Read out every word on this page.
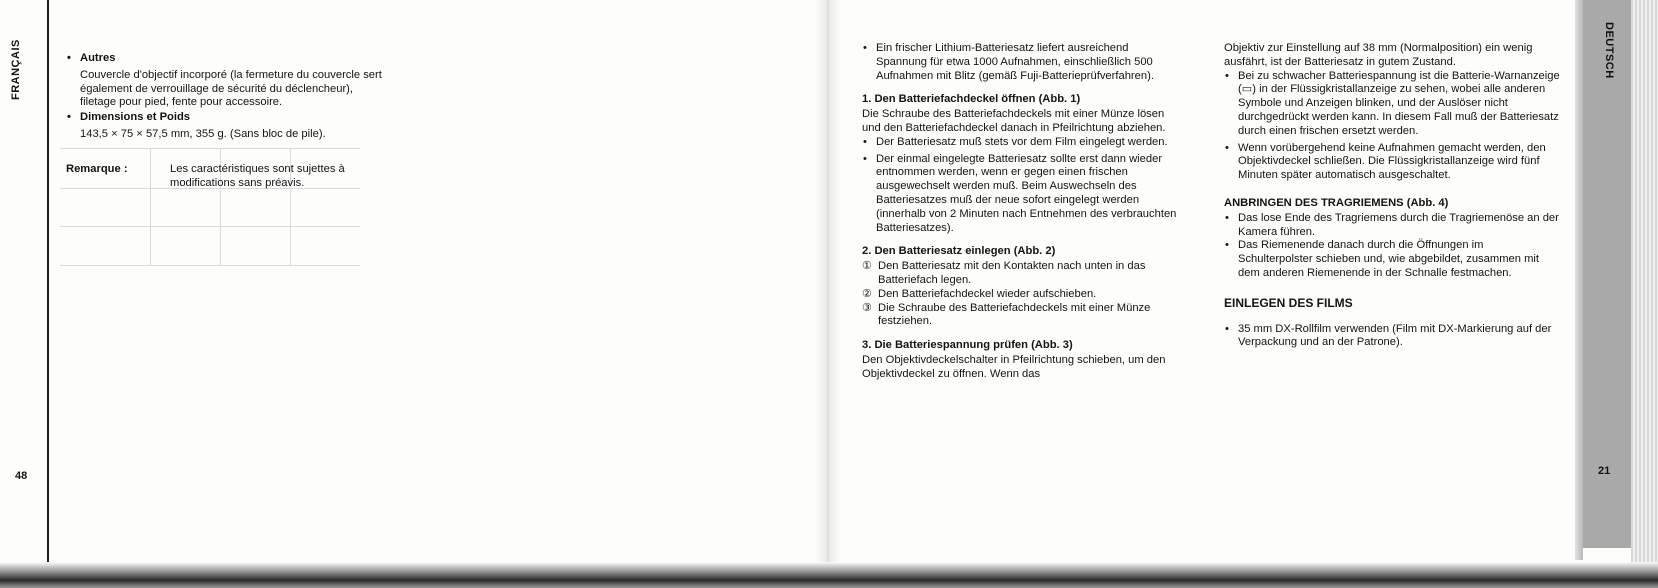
FRANÇAIS	DEUTSCH
48	21

• Autres

Couvercle d'objectif incorporé (la fermeture du couvercle sert également de verrouillage de sécurité du déclencheur), filetage pour pied, fente pour accessoire.

• Dimensions et Poids

143,5 × 75 × 57,5 mm, 355 g. (Sans bloc de pile).

Remarque :	Les caractéristiques sont sujettes à modifications sans préavis.

• Ein frischer Lithium-Batteriesatz liefert ausreichend Spannung für etwa 1000 Aufnahmen, einschließlich 500 Aufnahmen mit Blitz (gemäß Fuji-Batterieprüfverfahren).

1. Den Batteriefachdeckel öffnen (Abb. 1)

Die Schraube des Batteriefachdeckels mit einer Münze lösen und den Batteriefachdeckel danach in Pfeilrichtung abziehen.

• Der Batteriesatz muß stets vor dem Film eingelegt werden.

• Der einmal eingelegte Batteriesatz sollte erst dann wieder entnommen werden, wenn er gegen einen frischen ausgewechselt werden muß. Beim Auswechseln des Batteriesatzes muß der neue sofort eingelegt werden (innerhalb von 2 Minuten nach Entnehmen des verbrauchten Batteriesatzes).

2. Den Batteriesatz einlegen (Abb. 2)
① Den Batteriesatz mit den Kontakten nach unten in das Batteriefach legen.
② Den Batteriefachdeckel wieder aufschieben.
③ Die Schraube des Batteriefachdeckels mit einer Münze festziehen.
3. Die Batteriespannung prüfen (Abb. 3)

Den Objektivdeckelschalter in Pfeilrichtung schieben, um den Objektivdeckel zu öffnen. Wenn das

Objektiv zur Einstellung auf 38 mm (Normalposition) ein wenig ausfährt, ist der Batteriesatz in gutem Zustand.

• Bei zu schwacher Batteriespannung ist die Batterie-Warnanzeige (▭) in der Flüssigkristallanzeige zu sehen, wobei alle anderen Symbole und Anzeigen blinken, und der Auslöser nicht durchgedrückt werden kann. In diesem Fall muß der Batteriesatz durch einen frischen ersetzt werden.

• Wenn vorübergehend keine Aufnahmen gemacht werden, den Objektivdeckel schließen. Die Flüssigkristallanzeige wird fünf Minuten später automatisch ausgeschaltet.

ANBRINGEN DES TRAGRIEMENS (Abb. 4)

• Das lose Ende des Tragriemens durch die Tragriemenöse an der Kamera führen.

• Das Riemenende danach durch die Öffnungen im Schulterpolster schieben und, wie abgebildet, zusammen mit dem anderen Riemenende in der Schnalle festmachen.

EINLEGEN DES FILMS

• 35 mm DX-Rollfilm verwenden (Film mit DX-Markierung auf der Verpackung und an der Patrone).
